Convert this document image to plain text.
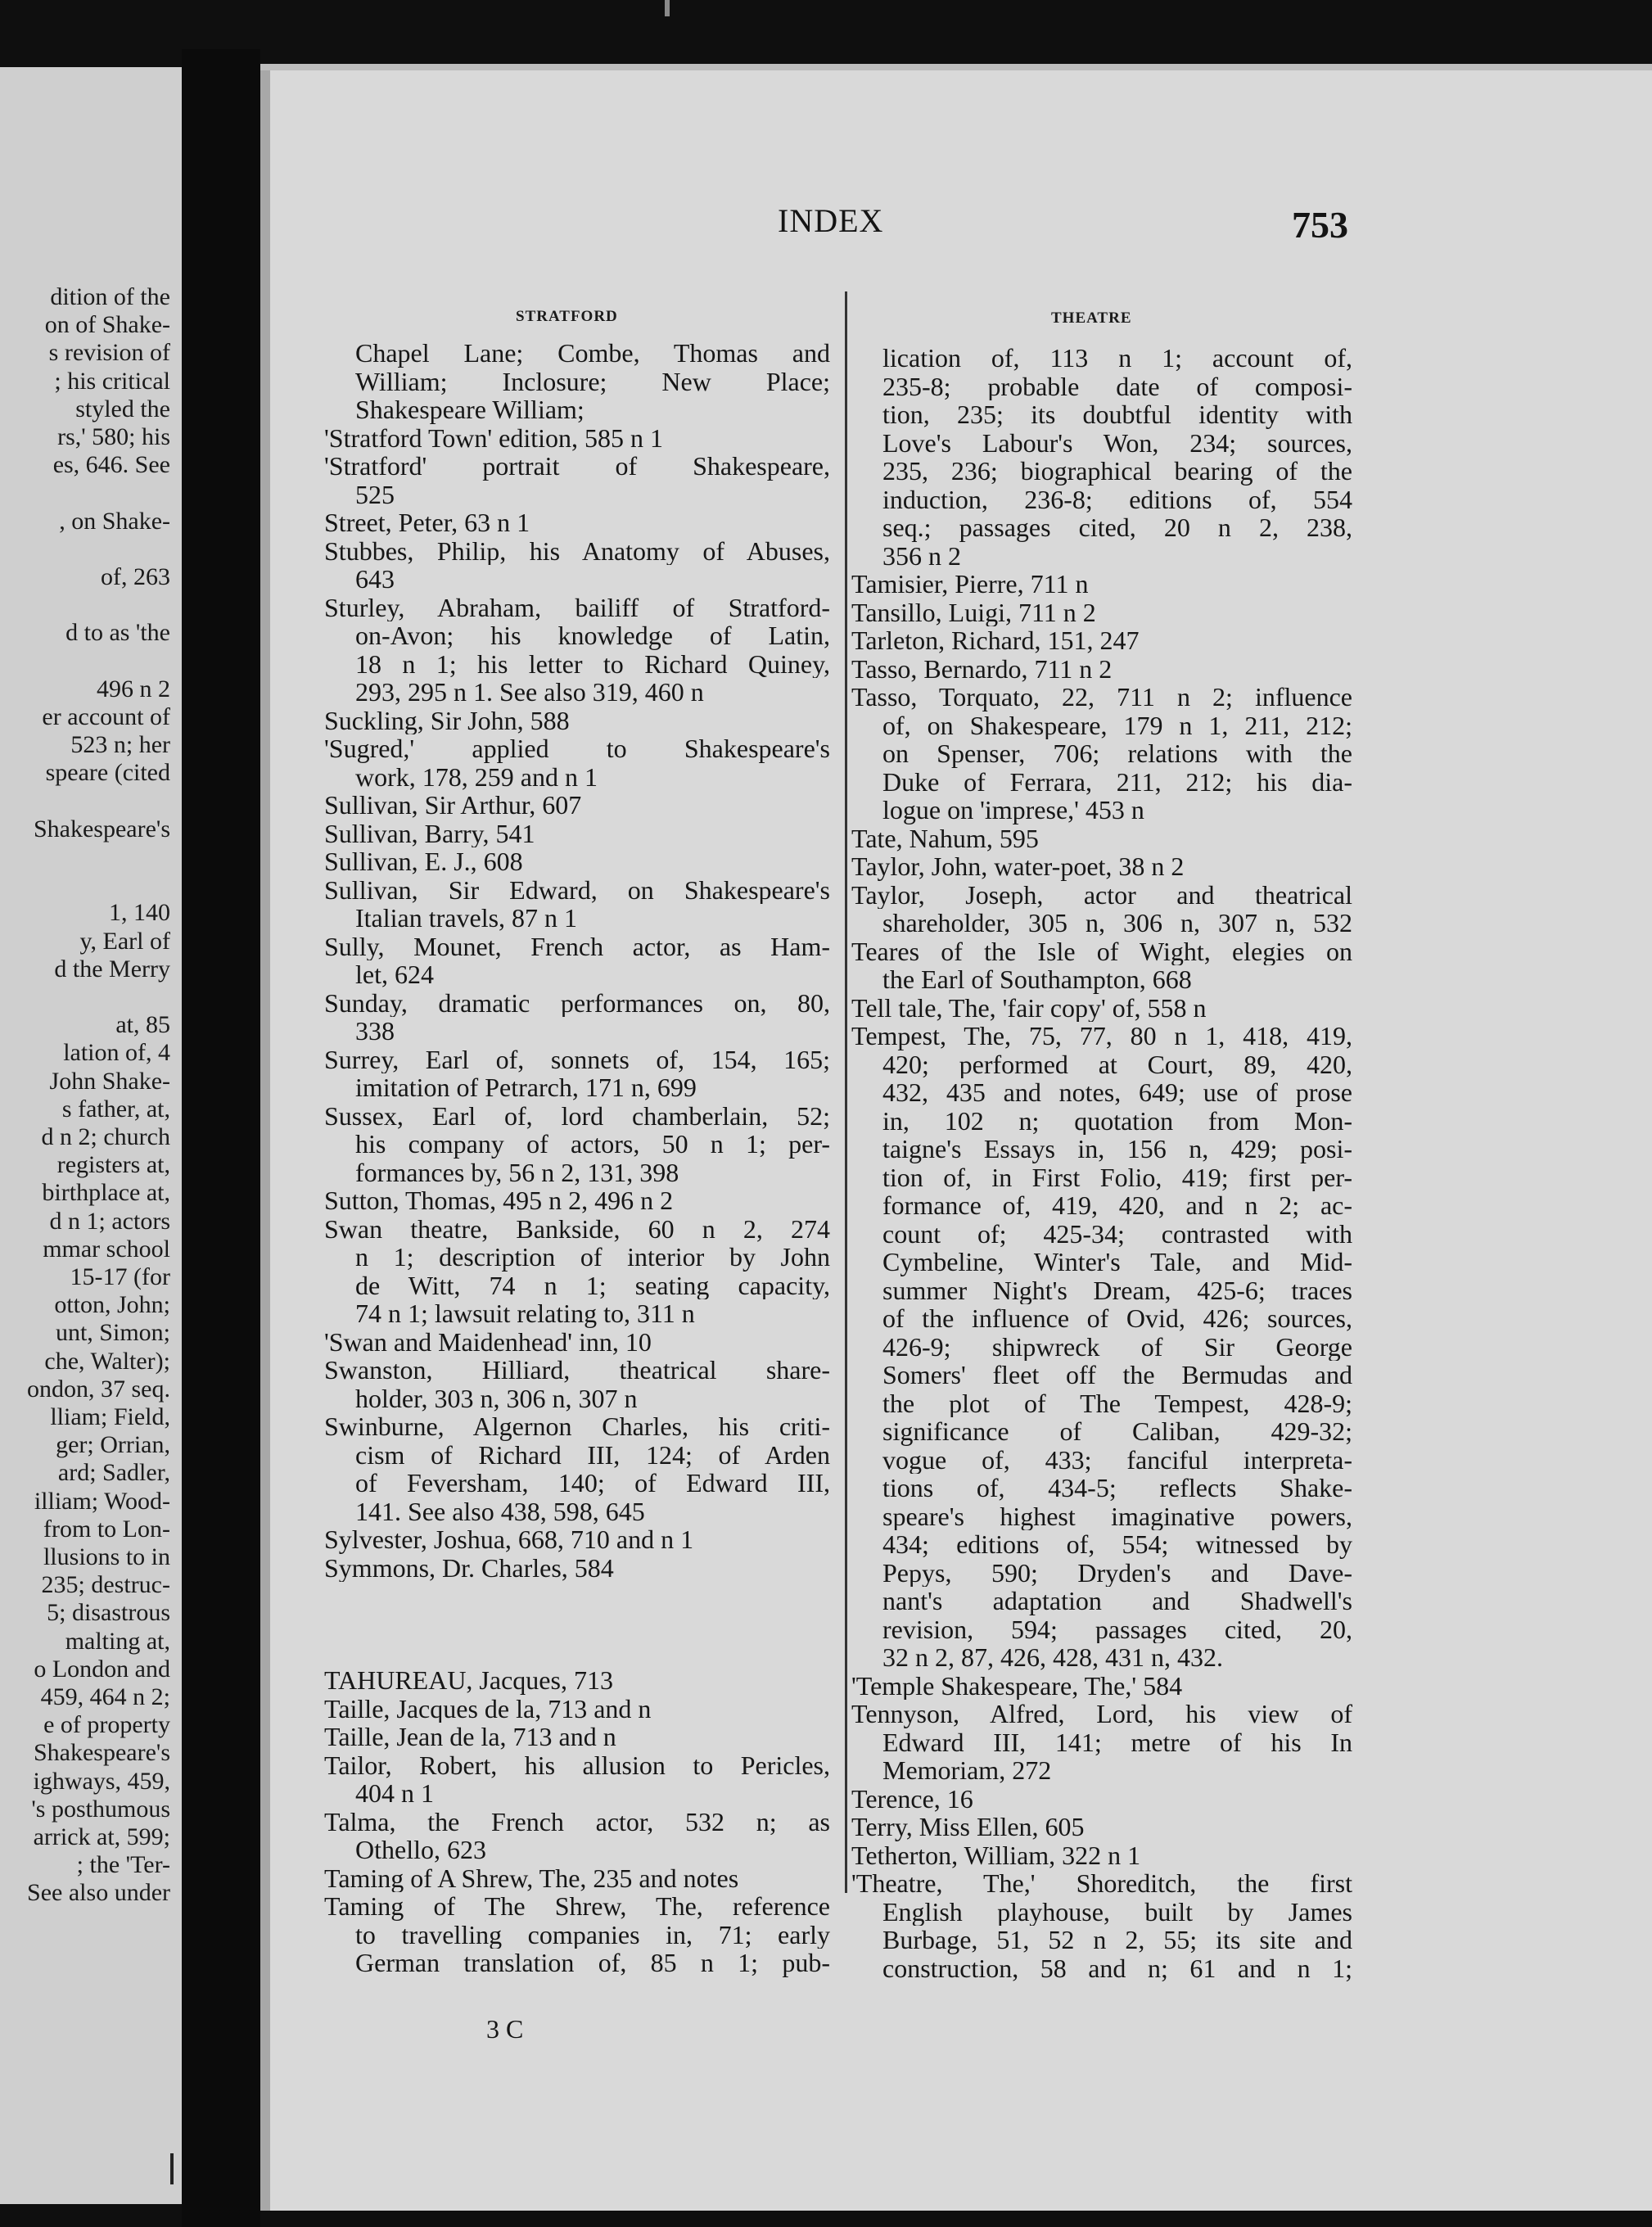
dition of the
on of Shake-
s revision of
; his critical
styled the
rs,' 580; his
es, 646. See
, on Shake-
of, 263
d to as 'the
496 n 2
er account of
523 n; her
speare (cited
Shakespeare's
1, 140
y, Earl of
d the Merry
at, 85
lation of, 4
John Shake-
s father, at,
d n 2; church
registers at,
birthplace at,
d n 1; actors
mmar school
15-17 (for
otton, John;
unt, Simon;
che, Walter);
ondon, 37 seq.
lliam; Field,
ger; Orrian,
ard; Sadler,
illiam; Wood-
from to Lon-
llusions to in
235; destruc-
5; disastrous
malting at,
o London and
459, 464 n 2;
e of property
Shakespeare's
ighways, 459,
's posthumous
arrick at, 599;
; the 'Ter-
See also under
INDEX	753
STRATFORD	THEATRE
Chapel Lane; Combe, Thomas and
William; Inclosure; New Place;
Shakespeare William;
'Stratford Town' edition, 585 n 1
'Stratford' portrait of Shakespeare,
525
Street, Peter, 63 n 1
Stubbes, Philip, his Anatomy of Abuses,
643
Sturley, Abraham, bailiff of Stratford-
on-Avon; his knowledge of Latin,
18 n 1; his letter to Richard Quiney,
293, 295 n 1. See also 319, 460 n
Suckling, Sir John, 588
'Sugred,' applied to Shakespeare's
work, 178, 259 and n 1
Sullivan, Sir Arthur, 607
Sullivan, Barry, 541
Sullivan, E. J., 608
Sullivan, Sir Edward, on Shakespeare's
Italian travels, 87 n 1
Sully, Mounet, French actor, as Ham-
let, 624
Sunday, dramatic performances on, 80,
338
Surrey, Earl of, sonnets of, 154, 165;
imitation of Petrarch, 171 n, 699
Sussex, Earl of, lord chamberlain, 52;
his company of actors, 50 n 1; per-
formances by, 56 n 2, 131, 398
Sutton, Thomas, 495 n 2, 496 n 2
Swan theatre, Bankside, 60 n 2, 274
n 1; description of interior by John
de Witt, 74 n 1; seating capacity,
74 n 1; lawsuit relating to, 311 n
'Swan and Maidenhead' inn, 10
Swanston, Hilliard, theatrical share-
holder, 303 n, 306 n, 307 n
Swinburne, Algernon Charles, his criti-
cism of Richard III, 124; of Arden
of Feversham, 140; of Edward III,
141. See also 438, 598, 645
Sylvester, Joshua, 668, 710 and n 1
Symmons, Dr. Charles, 584
TAHUREAU, Jacques, 713
Taille, Jacques de la, 713 and n
Taille, Jean de la, 713 and n
Tailor, Robert, his allusion to Pericles,
404 n 1
Talma, the French actor, 532 n; as
Othello, 623
Taming of A Shrew, The, 235 and notes
Taming of The Shrew, The, reference
to travelling companies in, 71; early
German translation of, 85 n 1; pub-
lication of, 113 n 1; account of,
235-8; probable date of composi-
tion, 235; its doubtful identity with
Love's Labour's Won, 234; sources,
235, 236; biographical bearing of the
induction, 236-8; editions of, 554
seq.; passages cited, 20 n 2, 238,
356 n 2
Tamisier, Pierre, 711 n
Tansillo, Luigi, 711 n 2
Tarleton, Richard, 151, 247
Tasso, Bernardo, 711 n 2
Tasso, Torquato, 22, 711 n 2; influence
of, on Shakespeare, 179 n 1, 211, 212;
on Spenser, 706; relations with the
Duke of Ferrara, 211, 212; his dia-
logue on 'imprese,' 453 n
Tate, Nahum, 595
Taylor, John, water-poet, 38 n 2
Taylor, Joseph, actor and theatrical
shareholder, 305 n, 306 n, 307 n, 532
Teares of the Isle of Wight, elegies on
the Earl of Southampton, 668
Tell tale, The, 'fair copy' of, 558 n
Tempest, The, 75, 77, 80 n 1, 418, 419,
420; performed at Court, 89, 420,
432, 435 and notes, 649; use of prose
in, 102 n; quotation from Mon-
taigne's Essays in, 156 n, 429; posi-
tion of, in First Folio, 419; first per-
formance of, 419, 420, and n 2; ac-
count of; 425-34; contrasted with
Cymbeline, Winter's Tale, and Mid-
summer Night's Dream, 425-6; traces
of the influence of Ovid, 426; sources,
426-9; shipwreck of Sir George
Somers' fleet off the Bermudas and
the plot of The Tempest, 428-9;
significance of Caliban, 429-32;
vogue of, 433; fanciful interpreta-
tions of, 434-5; reflects Shake-
speare's highest imaginative powers,
434; editions of, 554; witnessed by
Pepys, 590; Dryden's and Dave-
nant's adaptation and Shadwell's
revision, 594; passages cited, 20,
32 n 2, 87, 426, 428, 431 n, 432.
'Temple Shakespeare, The,' 584
Tennyson, Alfred, Lord, his view of
Edward III, 141; metre of his In
Memoriam, 272
Terence, 16
Terry, Miss Ellen, 605
Tetherton, William, 322 n 1
'Theatre, The,' Shoreditch, the first
English playhouse, built by James
Burbage, 51, 52 n 2, 55; its site and
construction, 58 and n; 61 and n 1;
3 C
